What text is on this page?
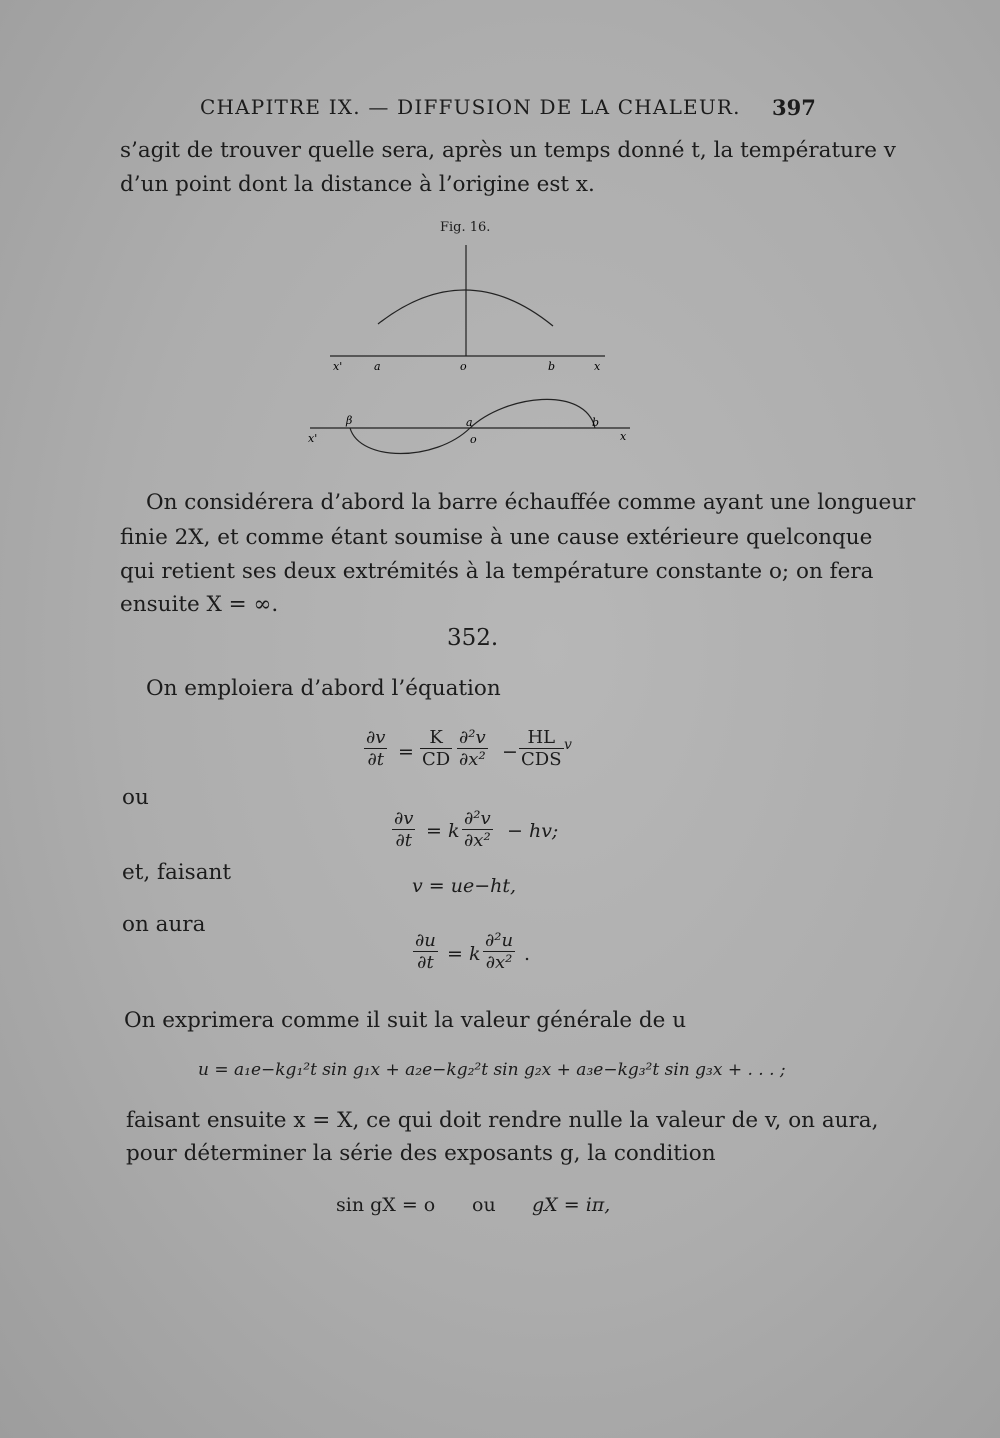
CHAPITRE IX. — DIFFUSION DE LA CHALEUR. 397
s’agit de trouver quelle sera, après un temps donné t, la température v
d’un point dont la distance à l’origine est x.
Fig. 16.
x'	a	o	b	x
x'
β	a
o
b
x
On considérera d’abord la barre échauffée comme ayant une longueur
finie 2X, et comme étant soumise à une cause extérieure quelconque
qui retient ses deux extrémités à la température constante o; on fera
ensuite X = ∞.
352.
On emploiera d’abord l’équation
$\frac{\partial v}{\partial t} = \frac{K}{CD} \frac{\text{∂²v}}{\text{∂x²}}$ −
HL
CDS
v
ou
$\frac{\partial v}{\partial t} = k \frac{\text{∂²v}}{\text{∂x²}}$ − hv;
et, faisant
v = ue−ht,
on aura
$\frac{\partial u}{\partial t} = k \frac{\text{∂²u}}{\text{∂x²}}$ .
On exprimera comme il suit la valeur générale de u
u = a₁e−kg₁²t sin g₁x + a₂e−kg₂²t sin g₂x + a₃e−kg₃²t sin g₃x + . . . ;
faisant ensuite x = X, ce qui doit rendre nulle la valeur de v, on aura,
pour déterminer la série des exposants g, la condition
sin gX = o ou gX = iπ,
